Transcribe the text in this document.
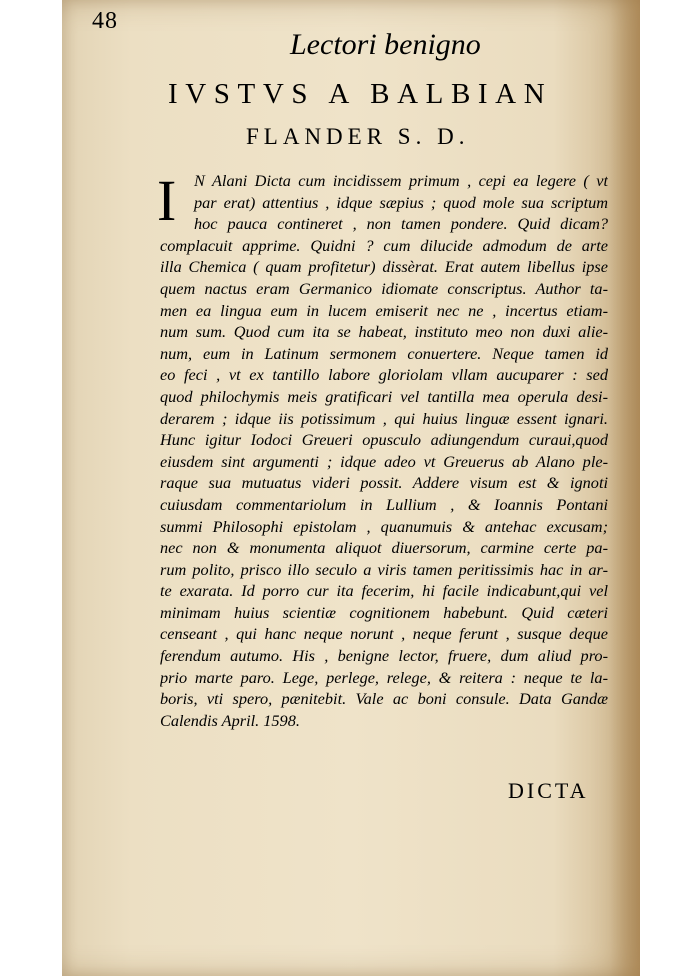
48
Lectori benigno
IVSTVS A BALBIAN
FLANDER S. D.
I	N Alani Dicta cum incidissem primum , cepi ea legere ( vt
par erat) attentius , idque sæpius ; quod mole sua scriptum
hoc pauca contineret , non tamen pondere. Quid dicam?
complacuit apprime. Quidni ? cum dilucide admodum de arte
illa Chemica ( quam profitetur) dissèrat. Erat autem libellus ipse
quem nactus eram Germanico idiomate conscriptus. Author ta-
men ea lingua eum in lucem emiserit nec ne , incertus etiam-
num sum. Quod cum ita se habeat, instituto meo non duxi alie-
num, eum in Latinum sermonem conuertere. Neque tamen id
eo feci , vt ex tantillo labore gloriolam vllam aucuparer : sed
quod philochymis meis gratificari vel tantilla mea operula desi-
derarem ; idque iis potissimum , qui huius linguæ essent ignari.
Hunc igitur Iodoci Greueri opusculo adiungendum curaui,quod
eiusdem sint argumenti ; idque adeo vt Greuerus ab Alano ple-
raque sua mutuatus videri possit. Addere visum est & ignoti
cuiusdam commentariolum in Lullium , & Ioannis Pontani
summi Philosophi epistolam , quanumuis & antehac excusam;
nec non & monumenta aliquot diuersorum, carmine certe pa-
rum polito, prisco illo seculo a viris tamen peritissimis hac in ar-
te exarata. Id porro cur ita fecerim, hi facile indicabunt,qui vel
minimam huius scientiæ cognitionem habebunt. Quid cæteri
censeant , qui hanc neque norunt , neque ferunt , susque deque
ferendum autumo. His , benigne lector, fruere, dum aliud pro-
prio marte paro. Lege, perlege, relege, & reitera : neque te la-
boris, vti spero, pænitebit. Vale ac boni consule. Data Gandæ
Calendis April. 1598.
DICTA
